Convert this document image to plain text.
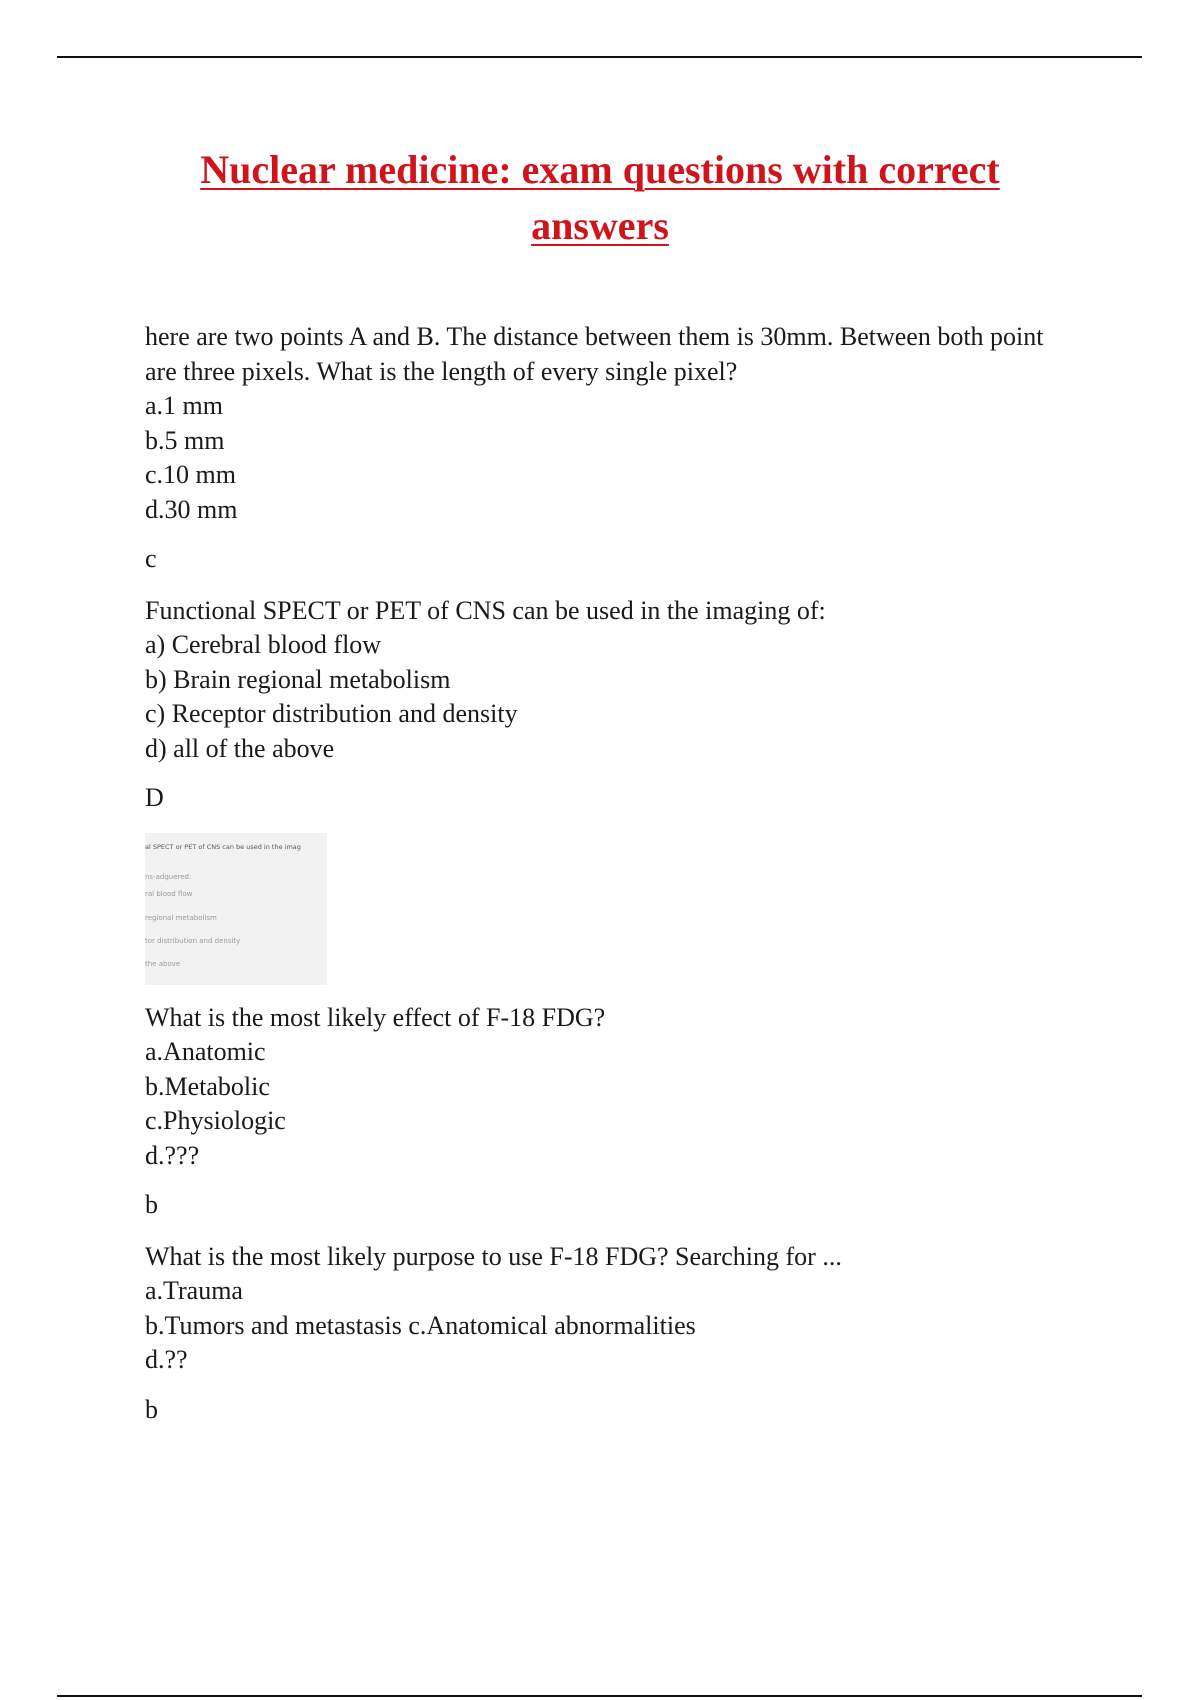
Nuclear medicine: exam questions with correct
answers

here are two points A and B. The distance between them is 30mm. Between both point are three pixels. What is the length of every single pixel?

a.1 mm

b.5 mm

c.10 mm

d.30 mm

c

Functional SPECT or PET of CNS can be used in the imaging of:

a) Cerebral blood flow

b) Brain regional metabolism

c) Receptor distribution and density

d) all of the above

D
al SPECT or PET of CNS can be used in the imag
ns-adquered:
ral blood flow
regional metabolism
tor distribution and density
the above

What is the most likely effect of F-18 FDG?

a.Anatomic

b.Metabolic

c.Physiologic

d.???

b

What is the most likely purpose to use F-18 FDG? Searching for ...

a.Trauma

b.Tumors and metastasis c.Anatomical abnormalities

d.??

b
